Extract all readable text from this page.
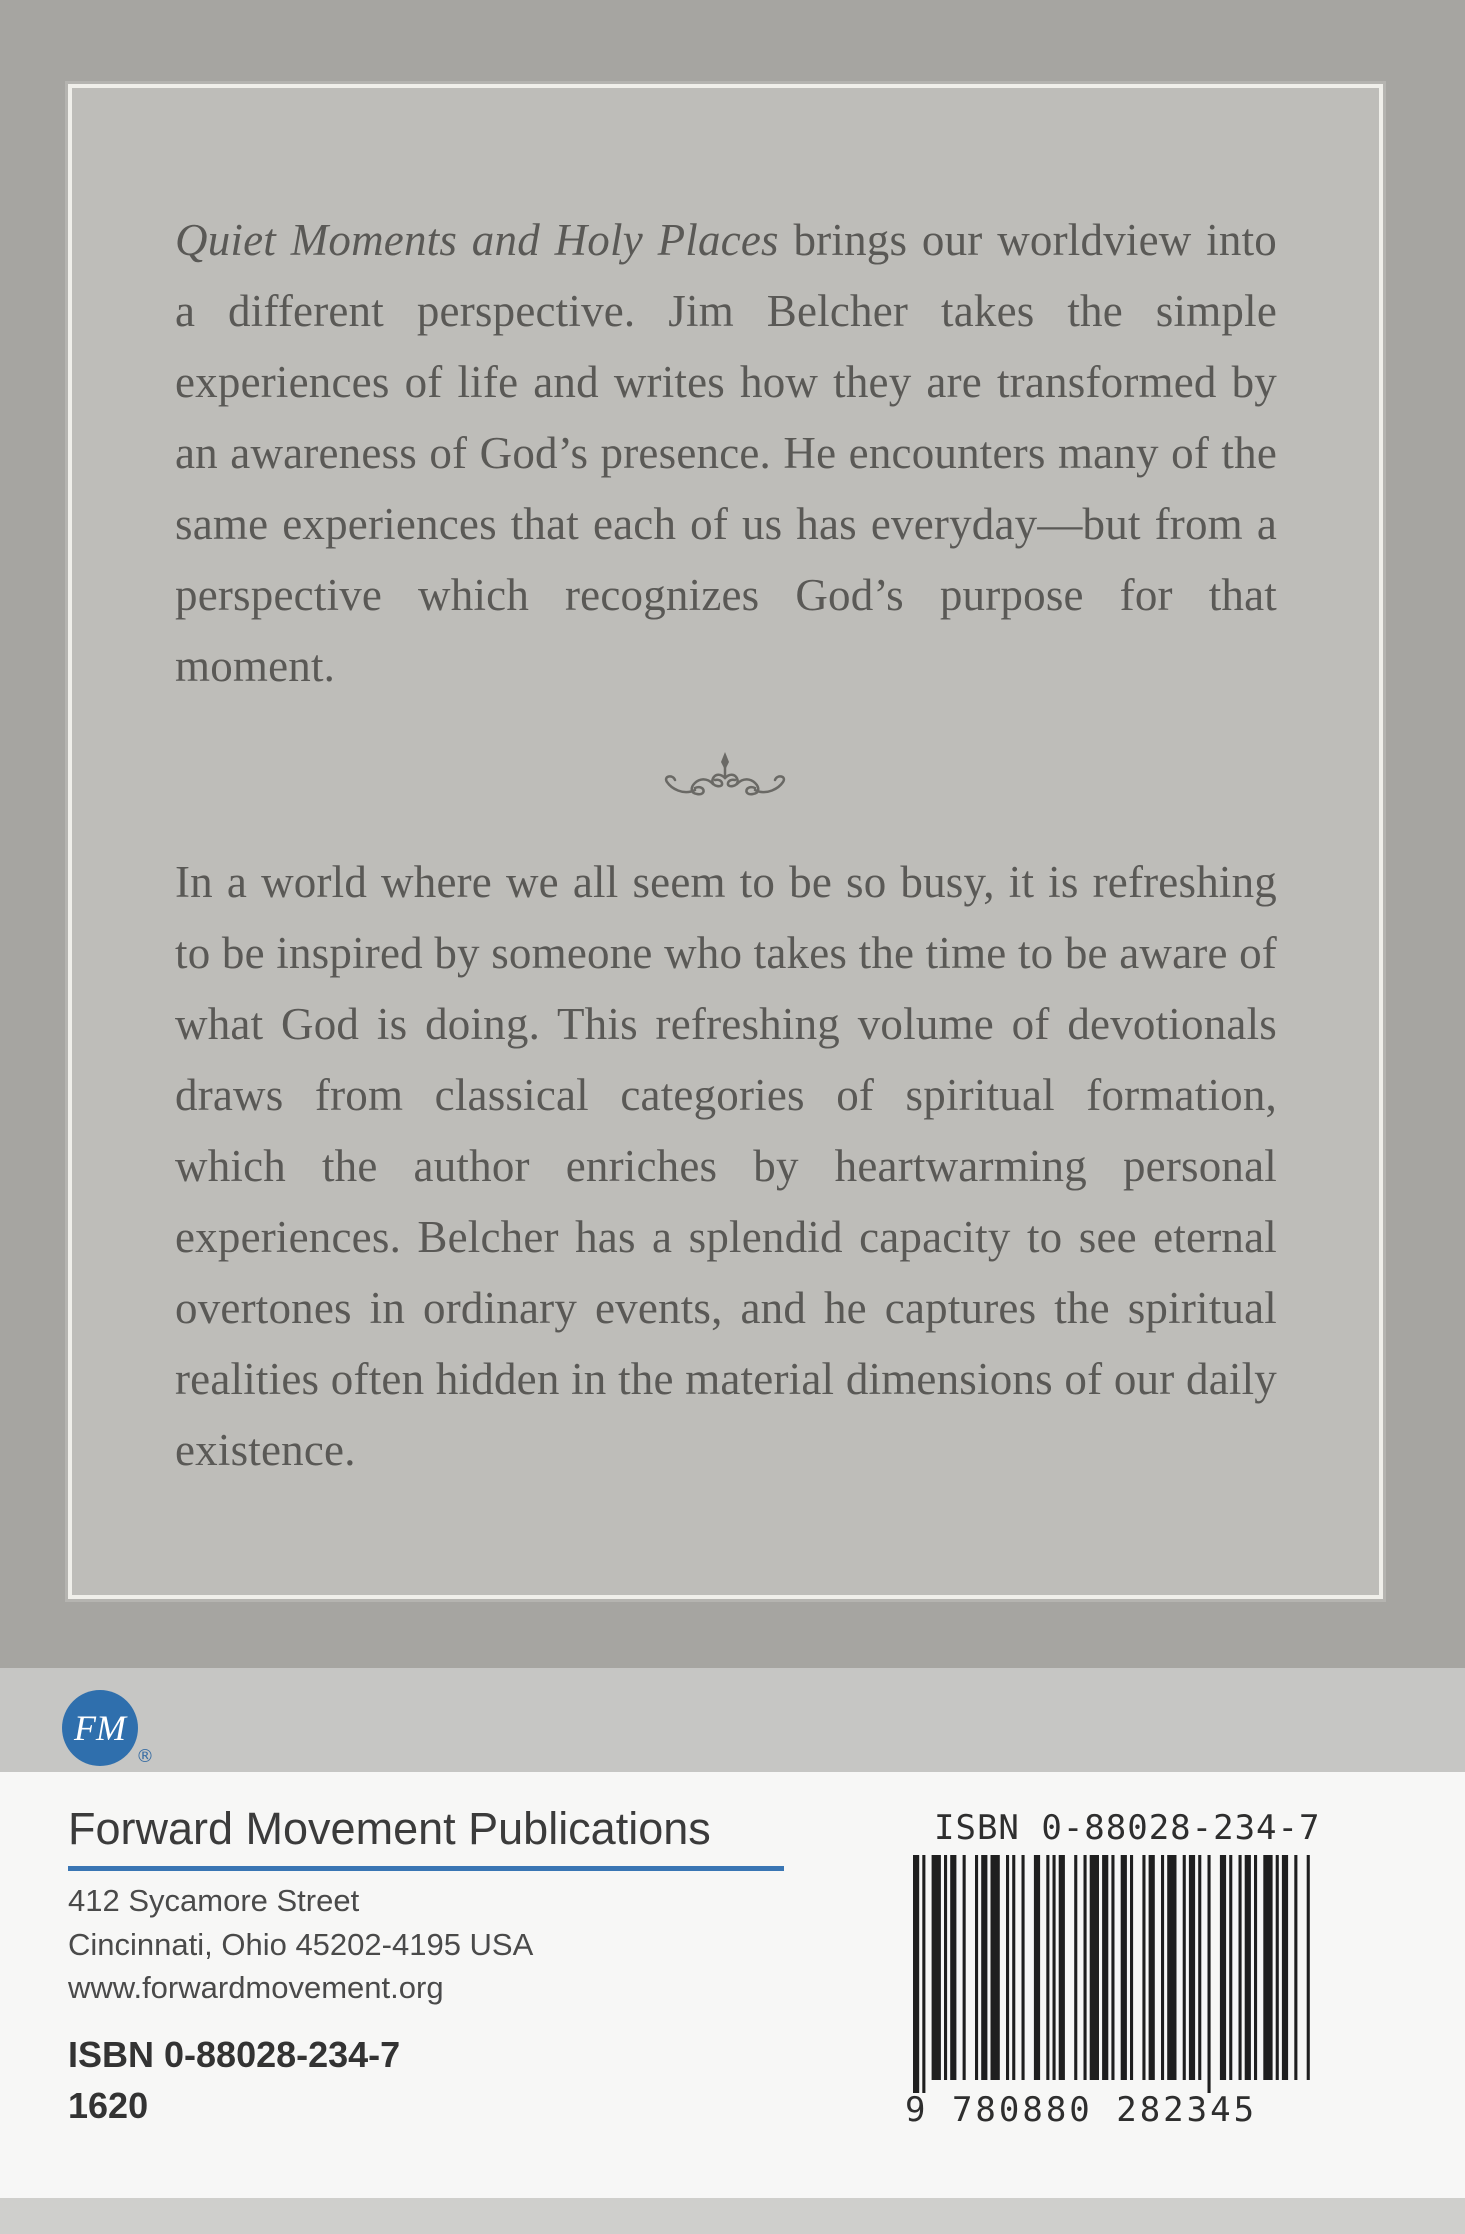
Quiet Moments and Holy Places brings our worldview into a different perspective. Jim Belcher takes the simple experiences of life and writes how they are transformed by an awareness of God’s presence. He encounters many of the same experiences that each of us has everyday—but from a perspective which recognizes God’s purpose for that moment.

In a world where we all seem to be so busy, it is refreshing to be inspired by someone who takes the time to be aware of what God is doing. This refreshing volume of devotionals draws from classical categories of spiritual formation, which the author enriches by heartwarming personal experiences. Belcher has a splendid capacity to see eternal overtones in ordinary events, and he captures the spiritual realities often hidden in the material dimensions of our daily existence.

FM
®
Forward Movement Publications
412 Sycamore Street
Cincinnati, Ohio 45202-4195 USA
www.forwardmovement.org
ISBN 0-88028-234-7
1620
ISBN 0-88028-234-7
9 780880 282345
